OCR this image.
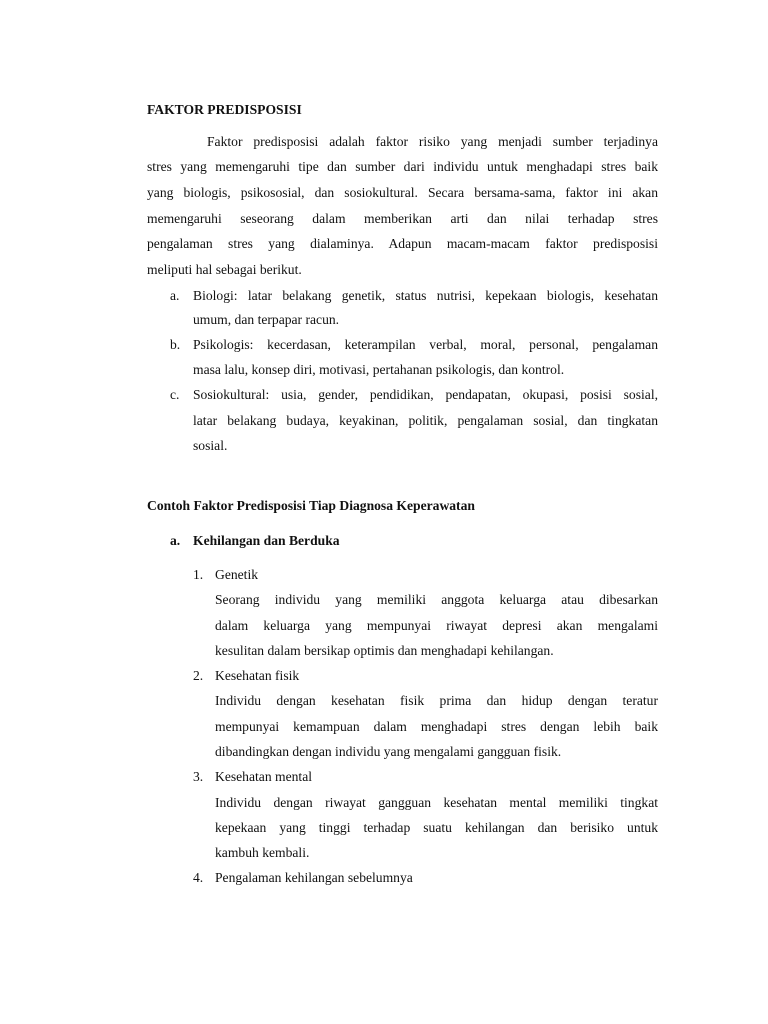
FAKTOR PREDISPOSISI
Faktor predisposisi adalah faktor risiko yang menjadi sumber terjadinya
stres yang memengaruhi tipe dan sumber dari individu untuk menghadapi stres baik
yang biologis, psikososial, dan sosiokultural. Secara bersama-sama, faktor ini akan
memengaruhi seseorang dalam memberikan arti dan nilai terhadap stres
pengalaman stres yang dialaminya. Adapun macam-macam faktor predisposisi
meliputi hal sebagai berikut.
a. Biologi: latar belakang genetik, status nutrisi, kepekaan biologis, kesehatan
umum, dan terpapar racun.
b. Psikologis: kecerdasan, keterampilan verbal, moral, personal, pengalaman
masa lalu, konsep diri, motivasi, pertahanan psikologis, dan kontrol.
c. Sosiokultural: usia, gender, pendidikan, pendapatan, okupasi, posisi sosial,
latar belakang budaya, keyakinan, politik, pengalaman sosial, dan tingkatan
sosial.
Contoh Faktor Predisposisi Tiap Diagnosa Keperawatan
a. Kehilangan dan Berduka
1. Genetik
Seorang individu yang memiliki anggota keluarga atau dibesarkan
dalam keluarga yang mempunyai riwayat depresi akan mengalami
kesulitan dalam bersikap optimis dan menghadapi kehilangan.
2. Kesehatan fisik
Individu dengan kesehatan fisik prima dan hidup dengan teratur
mempunyai kemampuan dalam menghadapi stres dengan lebih baik
dibandingkan dengan individu yang mengalami gangguan fisik.
3. Kesehatan mental
Individu dengan riwayat gangguan kesehatan mental memiliki tingkat
kepekaan yang tinggi terhadap suatu kehilangan dan berisiko untuk
kambuh kembali.
4. Pengalaman kehilangan sebelumnya
